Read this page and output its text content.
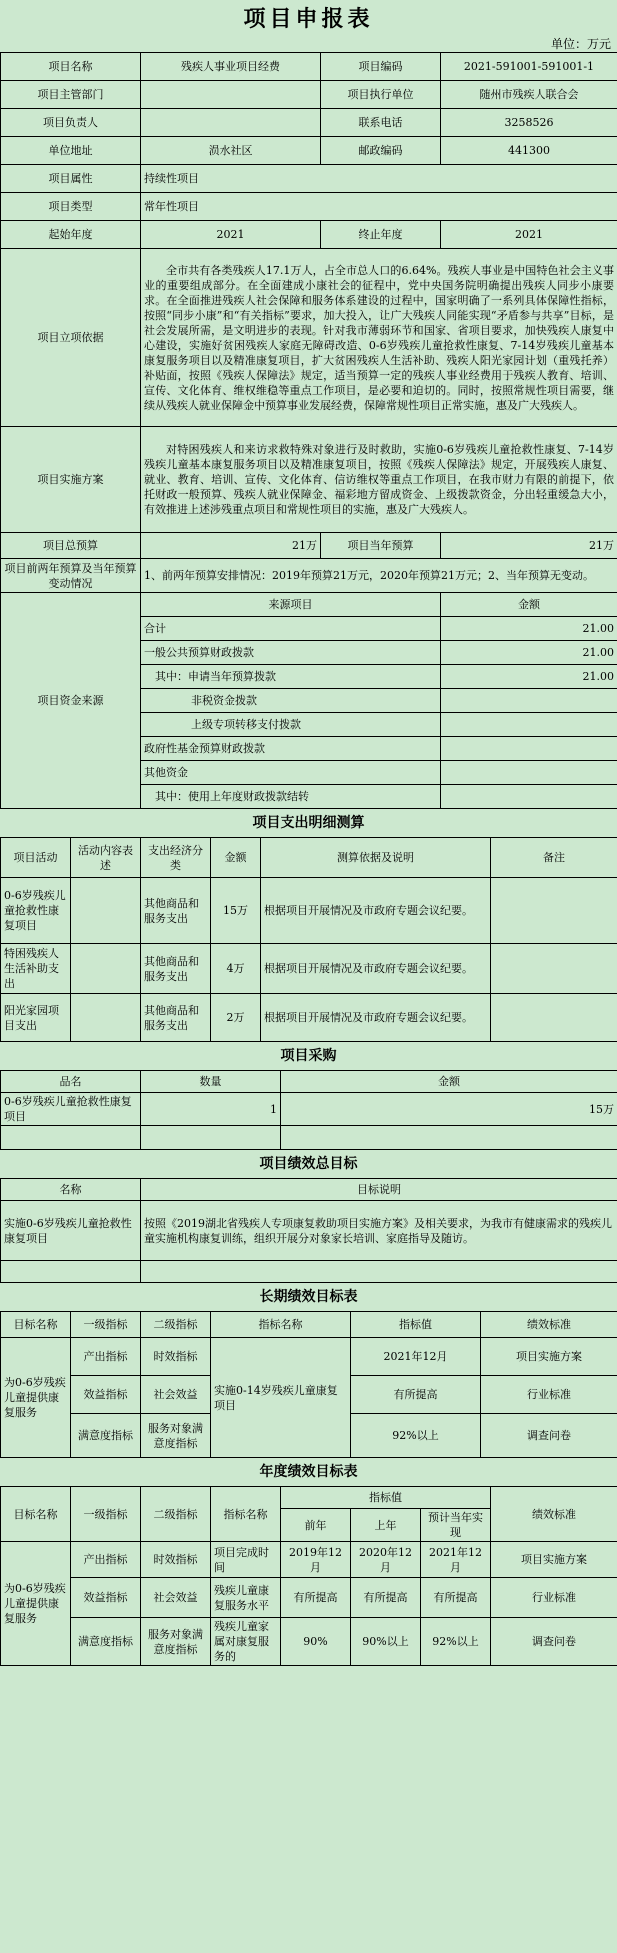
项目申报表
单位：万元
项目名称	残疾人事业项目经费	项目编码	2021-591001-591001-1
项目主管部门		项目执行单位	随州市残疾人联合会
项目负责人		联系电话	3258526
单位地址	涢水社区	邮政编码	441300
项目属性	持续性项目		
项目类型	常年性项目		
起始年度	2021	终止年度	2021
项目立项依据	全市共有各类残疾人17.1万人，占全市总人口的6.64%。残疾人事业是中国特色社会主义事业的重要组成部分。在全面建成小康社会的征程中，党中央国务院明确提出残疾人同步小康要求。在全面推进残疾人社会保障和服务体系建设的过程中，国家明确了一系列具体保障性指标，按照“同步小康”和“有关指标”要求，加大投入，让广大残疾人同能实现“矛盾参与共享”目标，是社会发展所需，是文明进步的表现。针对我市薄弱环节和国家、省项目要求，加快残疾人康复中心建设，实施好贫困残疾人家庭无障碍改造、0-6岁残疾儿童抢救性康复、7-14岁残疾儿童基本康复服务项目以及精准康复项目，扩大贫困残疾人生活补助、残疾人阳光家园计划（重残托养）补贴面，按照《残疾人保障法》规定，适当预算一定的残疾人事业经费用于残疾人教育、培训、宣传、文化体育、维权维稳等重点工作项目，是必要和迫切的。同时，按照常规性项目需要，继续从残疾人就业保障金中预算事业发展经费，保障常规性项目正常实施，惠及广大残疾人。		
项目实施方案	对特困残疾人和来访求救特殊对象进行及时救助，实施0-6岁残疾儿童抢救性康复、7-14岁残疾儿童基本康复服务项目以及精准康复项目，按照《残疾人保障法》规定，开展残疾人康复、就业、教育、培训、宣传、文化体育、信访维权等重点工作项目，在我市财力有限的前提下，依托财政一般预算、残疾人就业保障金、福彩地方留成资金、上级拨款资金，分出轻重缓急大小，有效推进上述涉残重点项目和常规性项目的实施，惠及广大残疾人。		
项目总预算	21万	项目当年预算	21万
项目前两年预算及当年预算变动情况	1、前两年预算安排情况：2019年预算21万元，2020年预算21万元；2、当年预算无变动。		
项目资金来源	来源项目	金额
	合计	21.00
	一般公共预算财政拨款	21.00
	其中：申请当年预算拨款	21.00
	非税资金拨款	
	上级专项转移支付拨款	
	政府性基金预算财政拨款	
	其他资金	
	其中：使用上年度财政拨款结转	
项目支出明细测算
项目活动	活动内容表述	支出经济分类	金额	测算依据及说明	备注
0-6岁残疾儿童抢救性康复项目		其他商品和服务支出	15万	根据项目开展情况及市政府专题会议纪要。	
特困残疾人生活补助支出		其他商品和服务支出	4万	根据项目开展情况及市政府专题会议纪要。	
阳光家园项目支出		其他商品和服务支出	2万	根据项目开展情况及市政府专题会议纪要。	
项目采购
品名	数量	金额
0-6岁残疾儿童抢救性康复项目	1	15万

项目绩效总目标
名称	目标说明
实施0-6岁残疾儿童抢救性康复项目	按照《2019湖北省残疾人专项康复救助项目实施方案》及相关要求，为我市有健康需求的残疾儿童实施机构康复训练，组织开展分对象家长培训、家庭指导及随访。

长期绩效目标表
目标名称	一级指标	二级指标	指标名称	指标值	绩效标准
为0-6岁残疾儿童提供康复服务	产出指标	时效指标	实施0-14岁残疾儿童康复项目	2021年12月	项目实施方案
	效益指标	社会效益		有所提高	行业标准
	满意度指标	服务对象满意度指标		92%以上	调查问卷
年度绩效目标表
目标名称	一级指标	二级指标	指标名称	指标值			绩效标准
				前年	上年	预计当年实现	
为0-6岁残疾儿童提供康复服务	产出指标	时效指标	项目完成时间	2019年12月	2020年12月	2021年12月	项目实施方案
	效益指标	社会效益	残疾儿童康复服务水平	有所提高	有所提高	有所提高	行业标准
	满意度指标	服务对象满意度指标	残疾儿童家属对康复服务的	90%	90%以上	92%以上	调查问卷
